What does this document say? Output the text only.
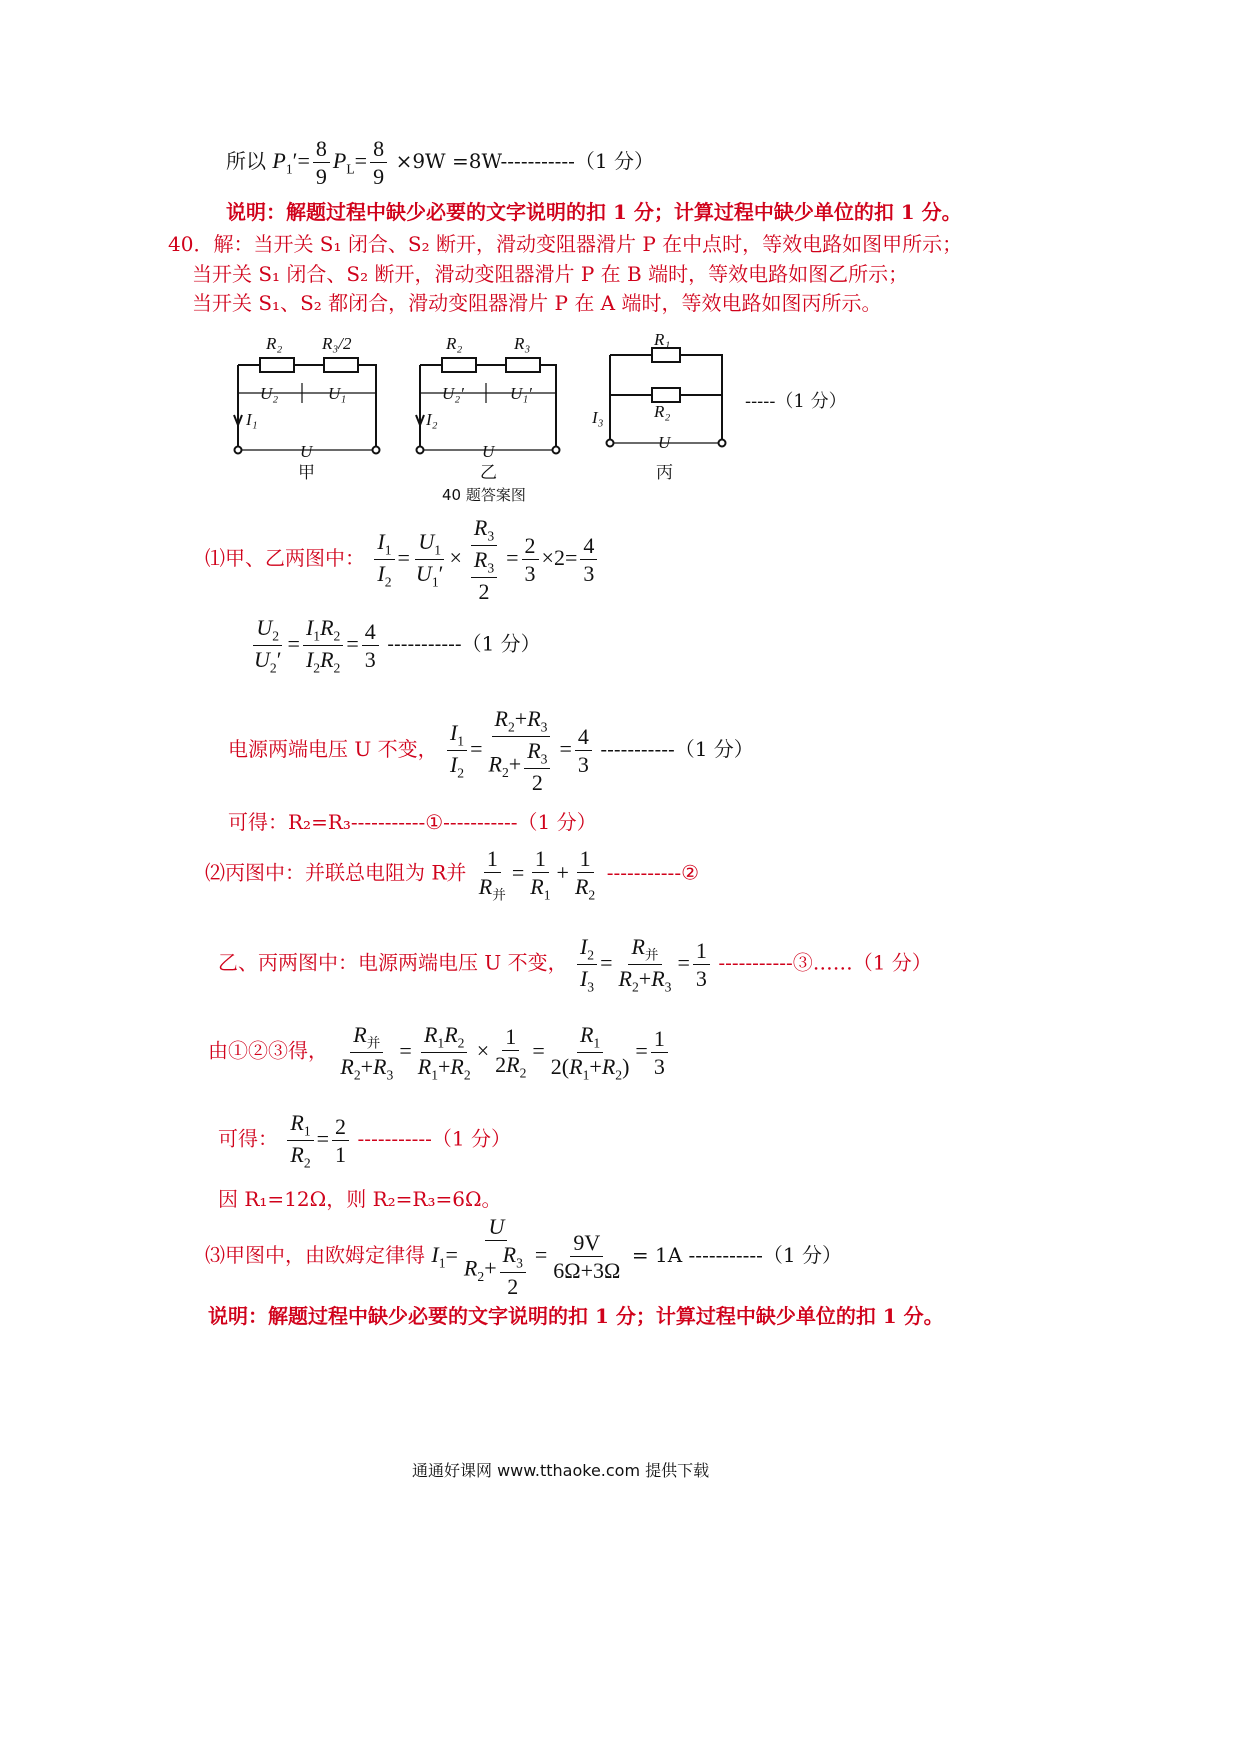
所以 $P_1'= \frac{8}{9} P_L= \frac{8}{9} \times 9W =8W-----------(1$ 分）
说明：解题过程中缺少必要的文字说明的扣 1 分；计算过程中缺少单位的扣 1 分。
40．解：当开关 S₁ 闭合、S₂ 断开，滑动变阻器滑片 P 在中点时，等效电路如图甲所示；
当开关 S₁ 闭合、S₂ 断开，滑动变阻器滑片 P 在 B 端时，等效电路如图乙所示；
当开关 S₁、S₂ 都闭合，滑动变阻器滑片 P 在 A 端时，等效电路如图丙所示。
R₂ R₃/2
U₂	U₁
I₁
U
R₂	R₃
U₂′	U₁′
I₂
U
R₁
R₂
I₃
U
甲	乙	丙
40 题答案图
-----（1 分）
⑴甲、乙两图中： $\frac{I_1}{I_2} = \frac{U_1}{U_1'} \times \frac{R_3}{\frac{R_3}{2}} = \frac{2}{3} \times 2= \frac{4}{3}$
$\frac{U_2}{U_2'} = \frac{I_1R_2}{I_2R_2} = \frac{4}{3} -----------(1$ 分）
电源两端电压 U 不变， $\frac{I_1}{I_2} = \frac{R_2+R_3}{R_2+ \frac{R_3}{2}} = \frac{4}{3} -----------(1$ 分）
可得：R₂=R₃-----------①-----------（1 分）
⑵丙图中：并联总电阻为 R并 $\frac{1}{R_并} = \frac{1}{R_1} + \frac{1}{R_2}$ -----------②
乙、丙两图中：电源两端电压 U 不变， $\frac{I_2}{I_3} = \frac{R_并}{R_2+R_3} = \frac{1}{3}$ -----------③……（1 分）
由①②③得， $\frac{R_并}{R_2+R_3} = \frac{R_1R_2}{R_1+R_2} \times \frac{1}{2R_2} = \frac{R_1}{2(R_1+R_2)} = \frac{1}{3}$
可得： $\frac{R_1}{R_2} = \frac{2}{1} -----------(1$ 分）
因 R₁=12Ω，则 R₂=R₃=6Ω。
⑶甲图中，由欧姆定律得 $I_1= \frac{U}{R_2+ \frac{R_3}{2}} = \frac{9V}{6\Omega+3\Omega} = 1A$ -----------（1 分）
说明：解题过程中缺少必要的文字说明的扣 1 分；计算过程中缺少单位的扣 1 分。
通通好课网 www.tthaoke.com 提供下载
